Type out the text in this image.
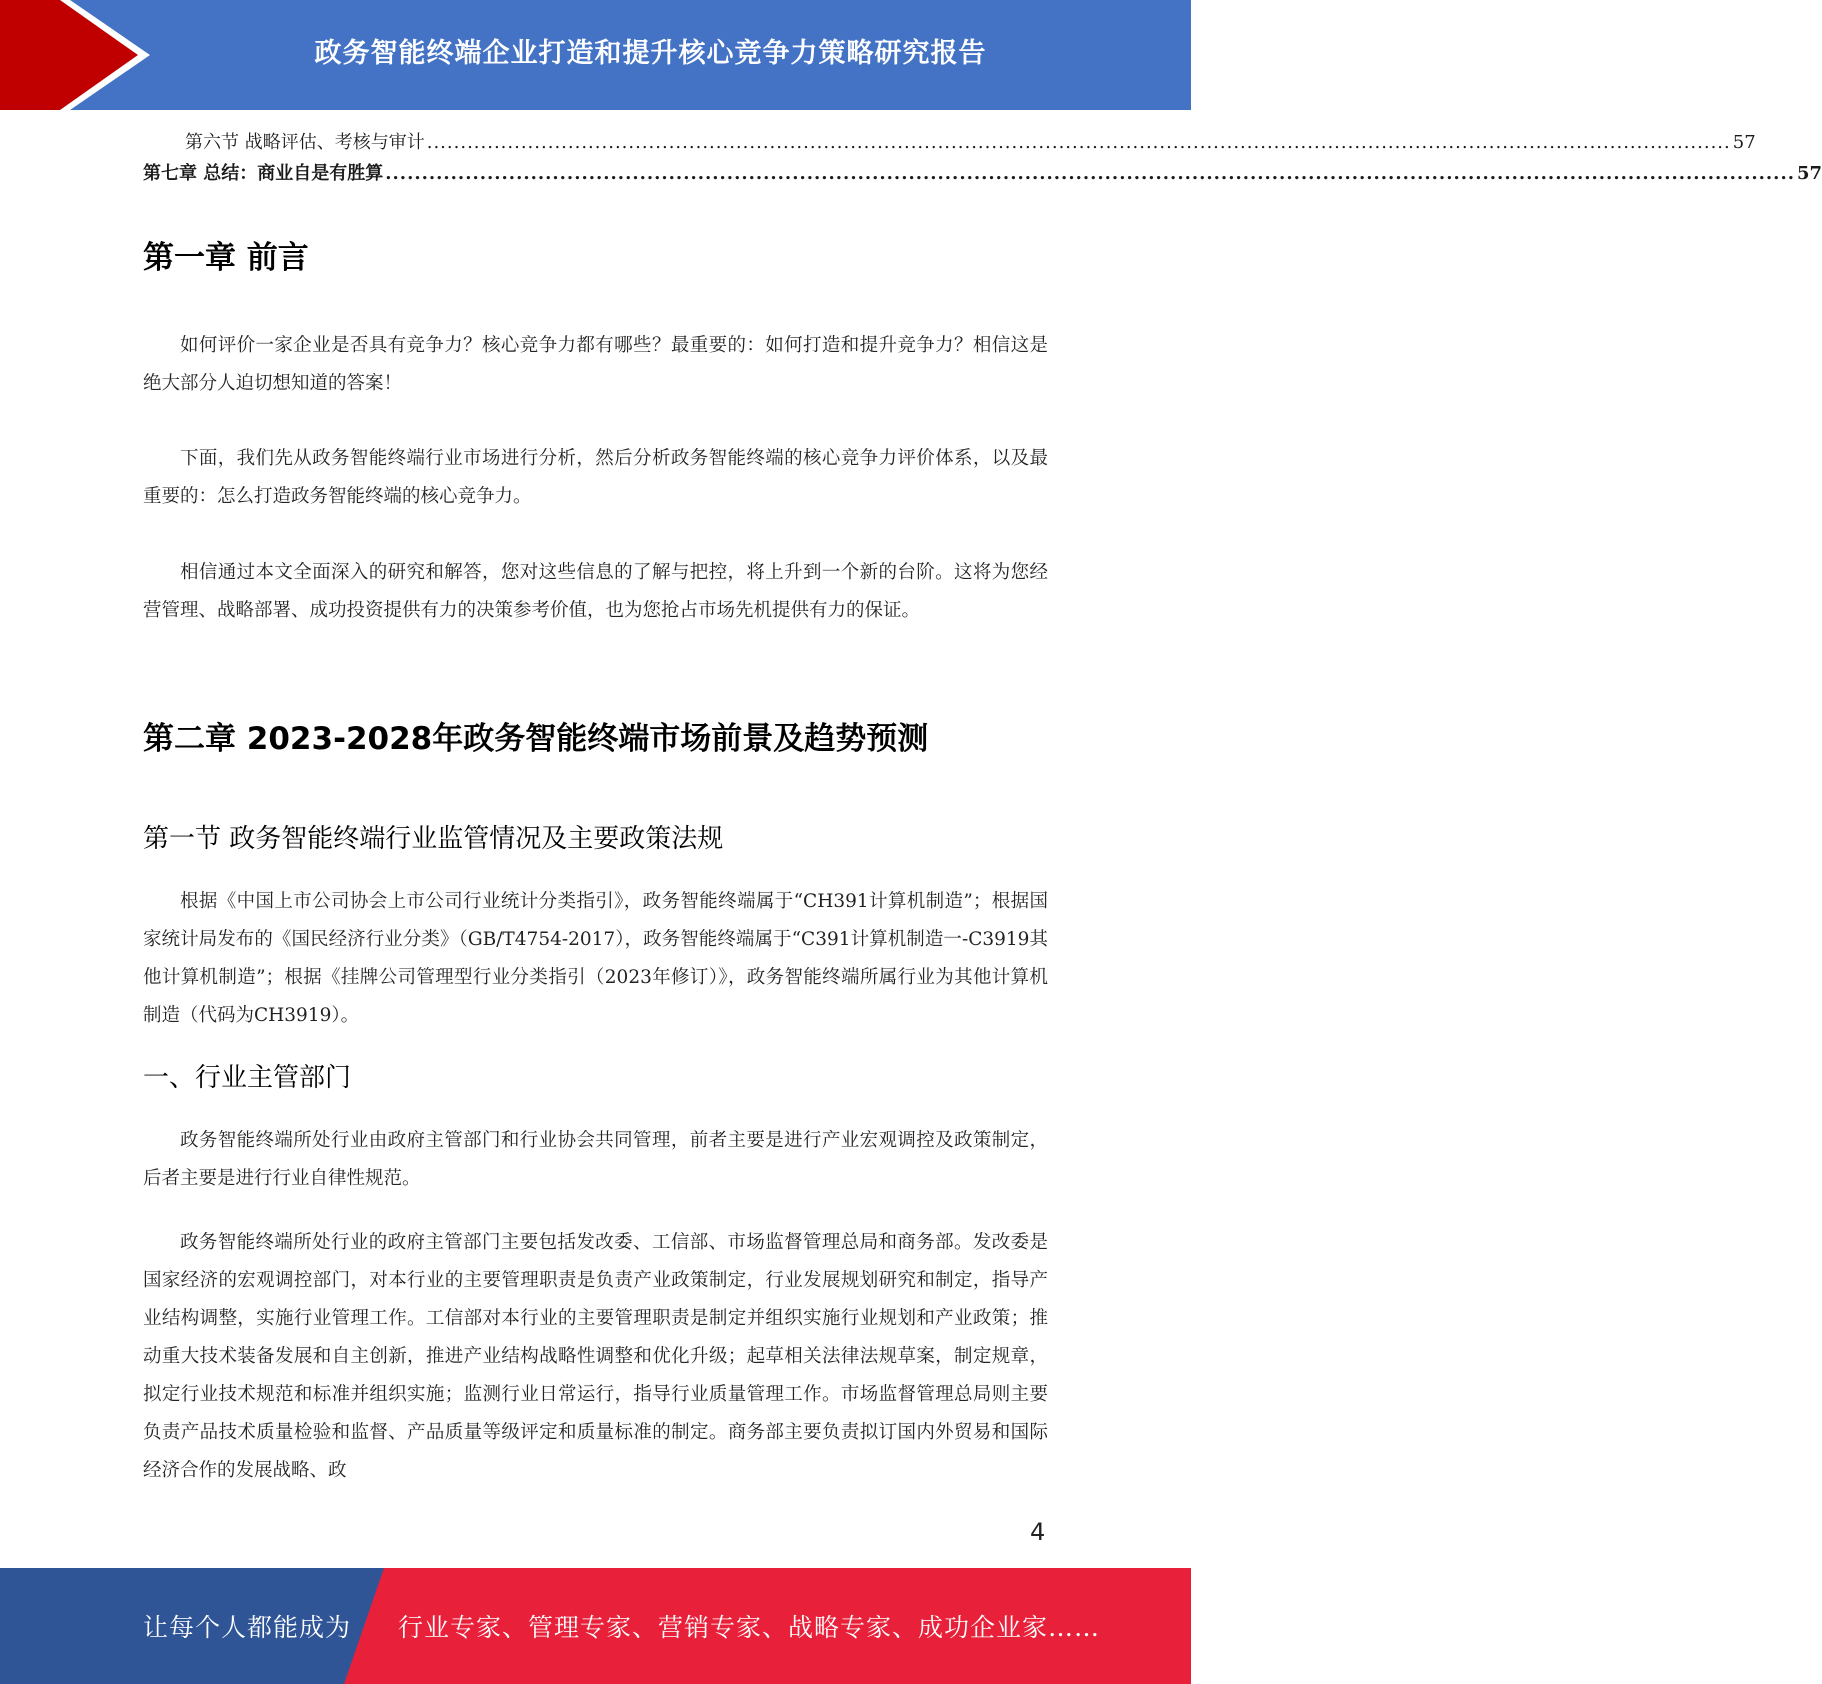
政务智能终端企业打造和提升核心竞争力策略研究报告
第六节 战略评估、考核与审计 .................................................................................................................................................................................................. 57
第七章 总结：商业自是有胜算 .................................................................................................................................................................................................. 57
第一章 前言

如何评价一家企业是否具有竞争力？核心竞争力都有哪些？最重要的：如何打造和提升竞争力？相信这是绝大部分人迫切想知道的答案！

下面，我们先从政务智能终端行业市场进行分析，然后分析政务智能终端的核心竞争力评价体系，以及最重要的：怎么打造政务智能终端的核心竞争力。

相信通过本文全面深入的研究和解答，您对这些信息的了解与把控，将上升到一个新的台阶。这将为您经营管理、战略部署、成功投资提供有力的决策参考价值，也为您抢占市场先机提供有力的保证。

第二章 2023-2028年政务智能终端市场前景及趋势预测
第一节 政务智能终端行业监管情况及主要政策法规

根据《中国上市公司协会上市公司行业统计分类指引》，政务智能终端属于“CH391计算机制造”；根据国家统计局发布的《国民经济行业分类》（GB/T4754-2017），政务智能终端属于“C391计算机制造一-C3919其他计算机制造”；根据《挂牌公司管理型行业分类指引（2023年修订）》，政务智能终端所属行业为其他计算机制造（代码为CH3919）。

一、行业主管部门

政务智能终端所处行业由政府主管部门和行业协会共同管理，前者主要是进行产业宏观调控及政策制定，后者主要是进行行业自律性规范。

政务智能终端所处行业的政府主管部门主要包括发改委、工信部、市场监督管理总局和商务部。发改委是国家经济的宏观调控部门，对本行业的主要管理职责是负责产业政策制定，行业发展规划研究和制定，指导产业结构调整，实施行业管理工作。工信部对本行业的主要管理职责是制定并组织实施行业规划和产业政策；推动重大技术装备发展和自主创新，推进产业结构战略性调整和优化升级；起草相关法律法规草案，制定规章，拟定行业技术规范和标准并组织实施；监测行业日常运行，指导行业质量管理工作。市场监督管理总局则主要负责产品技术质量检验和监督、产品质量等级评定和质量标准的制定。商务部主要负责拟订国内外贸易和国际经济合作的发展战略、政

4
让每个人都能成为 行业专家、管理专家、营销专家、战略专家、成功企业家……
